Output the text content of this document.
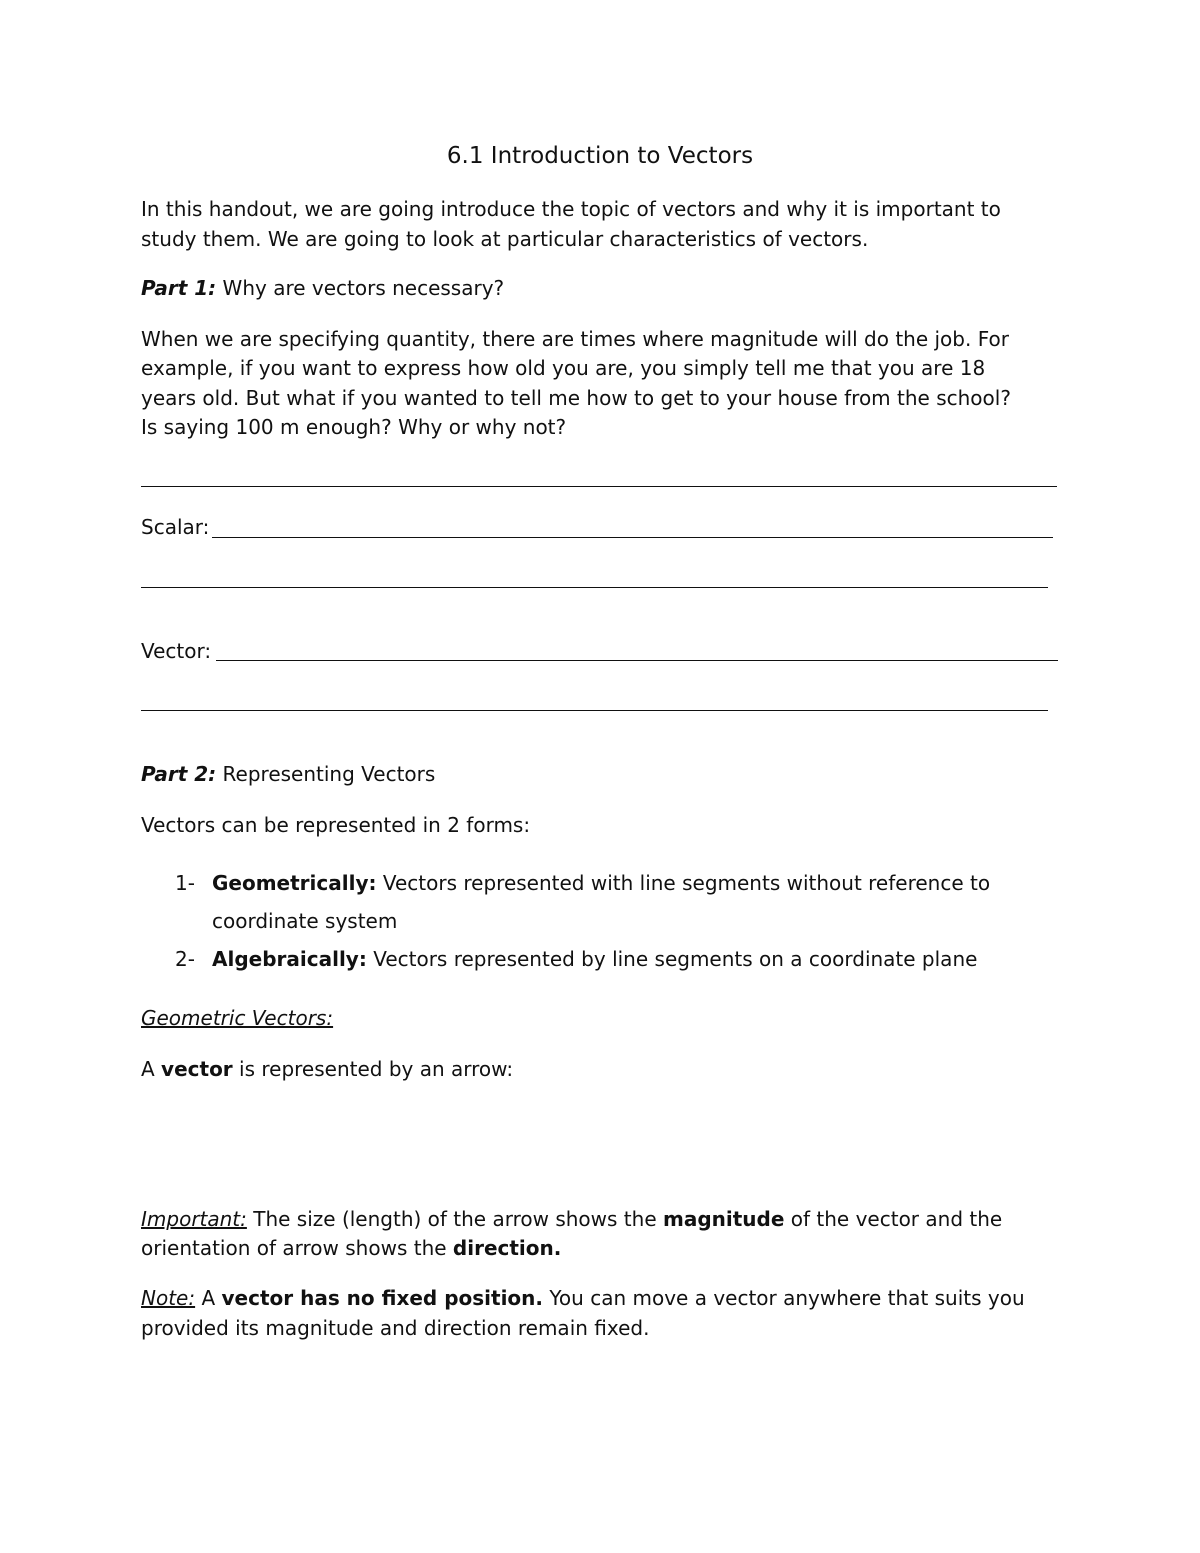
6.1 Introduction to Vectors
In this handout, we are going introduce the topic of vectors and why it is important to
study them. We are going to look at particular characteristics of vectors.
Part 1: Why are vectors necessary?
When we are specifying quantity, there are times where magnitude will do the job. For
example, if you want to express how old you are, you simply tell me that you are 18
years old. But what if you wanted to tell me how to get to your house from the school?
Is saying 100 m enough? Why or why not?
Scalar:
Vector:
Part 2: Representing Vectors
Vectors can be represented in 2 forms:
1- Geometrically: Vectors represented with line segments without reference to
coordinate system
2- Algebraically: Vectors represented by line segments on a coordinate plane
Geometric Vectors:
A vector is represented by an arrow:
Important: The size (length) of the arrow shows the magnitude of the vector and the
orientation of arrow shows the direction.
Note: A vector has no fixed position. You can move a vector anywhere that suits you
provided its magnitude and direction remain fixed.
